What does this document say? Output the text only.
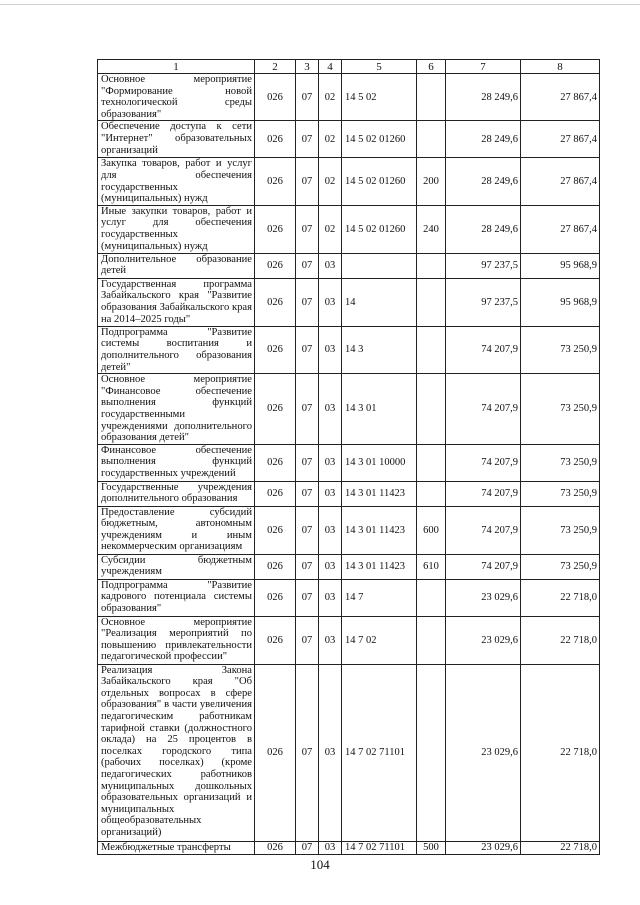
1	2	3	4	5	6	7	8
Основное мероприятие "Формирование новой технологической среды образования"	026	07	02	14 5 02		28 249,6	27 867,4
Обеспечение доступа к сети "Интернет" образовательных организаций	026	07	02	14 5 02 01260		28 249,6	27 867,4
Закупка товаров, работ и услуг для обеспечения государственных (муниципальных) нужд	026	07	02	14 5 02 01260	200	28 249,6	27 867,4
Иные закупки товаров, работ и услуг для обеспечения государственных (муниципальных) нужд	026	07	02	14 5 02 01260	240	28 249,6	27 867,4
Дополнительное образование детей	026	07	03			97 237,5	95 968,9
Государственная программа Забайкальского края "Развитие образования Забайкальского края на 2014–2025 годы"	026	07	03	14		97 237,5	95 968,9
Подпрограмма "Развитие системы воспитания и дополнительного образования детей"	026	07	03	14 3		74 207,9	73 250,9
Основное мероприятие "Финансовое обеспечение выполнения функций государственными учреждениями дополнительного образования детей"	026	07	03	14 3 01		74 207,9	73 250,9
Финансовое обеспечение выполнения функций государственных учреждений	026	07	03	14 3 01 10000		74 207,9	73 250,9
Государственные учреждения дополнительного образования	026	07	03	14 3 01 11423		74 207,9	73 250,9
Предоставление субсидий бюджетным, автономным учреждениям и иным некоммерческим организациям	026	07	03	14 3 01 11423	600	74 207,9	73 250,9
Субсидии бюджетным учреждениям	026	07	03	14 3 01 11423	610	74 207,9	73 250,9
Подпрограмма "Развитие кадрового потенциала системы образования"	026	07	03	14 7		23 029,6	22 718,0
Основное мероприятие "Реализация мероприятий по повышению привлекательности педагогической профессии"	026	07	03	14 7 02		23 029,6	22 718,0
Реализация Закона Забайкальского края "Об отдельных вопросах в сфере образования" в части увеличения педагогическим работникам тарифной ставки (должностного оклада) на 25 процентов в поселках городского типа (рабочих поселках) (кроме педагогических работников муниципальных дошкольных образовательных организаций и муниципальных общеобразовательных организаций)	026	07	03	14 7 02 71101		23 029,6	22 718,0
Межбюджетные трансферты	026	07	03	14 7 02 71101	500	23 029,6	22 718,0
104
